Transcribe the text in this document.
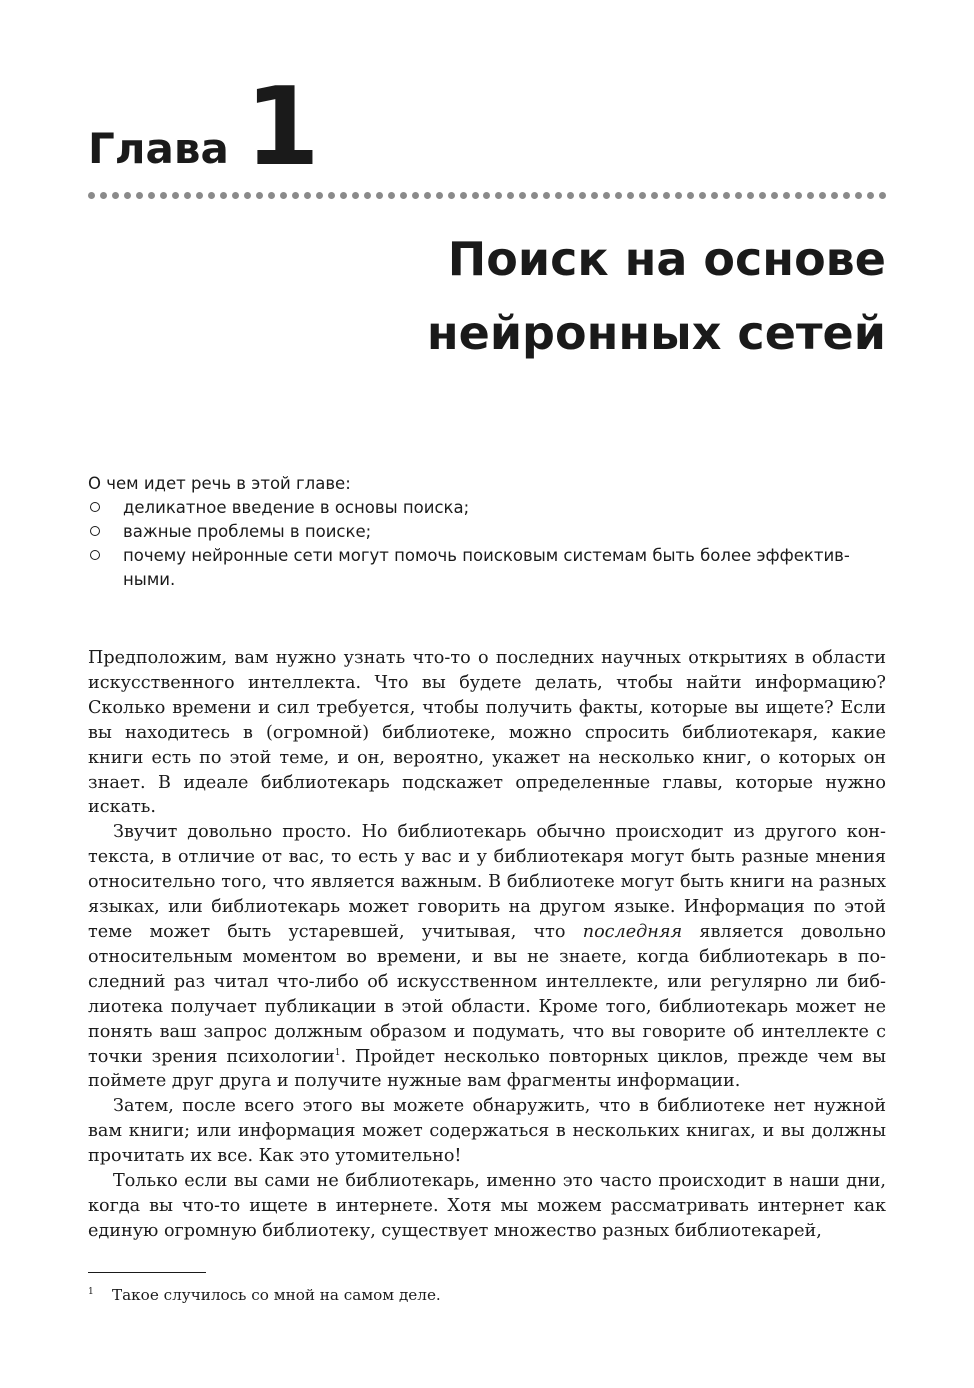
Глава 1
Поиск на основе
нейронных сетей

О чем идет речь в этой главе:

деликатное введение в основы поиска;
важные проблемы в поиске;
почему нейронные сети могут помочь поисковым системам быть более эффективными.

Предположим, вам нужно узнать что-то о последних научных открытиях в области искусственного интеллекта. Что вы будете делать, чтобы найти информацию? Сколько времени и сил требуется, чтобы получить факты, которые вы ищете? Если вы находитесь в (огромной) библиотеке, можно спросить библиотекаря, какие книги есть по этой теме, и он, вероятно, укажет на несколько книг, о которых он знает. В идеале библиотекарь подскажет определенные главы, которые нужно искать.

Звучит довольно просто. Но библиотекарь обычно происходит из другого контекста, в отличие от вас, то есть у вас и у библиотекаря могут быть разные мнения относительно того, что является важным. В библиотеке могут быть книги на разных языках, или библиотекарь может говорить на другом языке. Информация по этой теме может быть устаревшей, учитывая, что последняя является довольно относительным моментом во времени, и вы не знаете, когда библиотекарь в последний раз читал что-либо об искусственном интеллекте, или регулярно ли библиотека получает публикации в этой области. Кроме того, библиотекарь может не понять ваш запрос должным образом и подумать, что вы говорите об интеллекте с точки зрения психологии$^1$. Пройдет несколько повторных циклов, прежде чем вы поймете друг друга и получите нужные вам фрагменты информации.

Затем, после всего этого вы можете обнаружить, что в библиотеке нет нужной вам книги; или информация может содержаться в нескольких книгах, и вы должны прочитать их все. Как это утомительно!

Только если вы сами не библиотекарь, именно это часто происходит в наши дни, когда вы что-то ищете в интернете. Хотя мы можем рассматривать интернет как единую огромную библиотеку, существует множество разных библиотекарей,

1 Такое случилось со мной на самом деле.
